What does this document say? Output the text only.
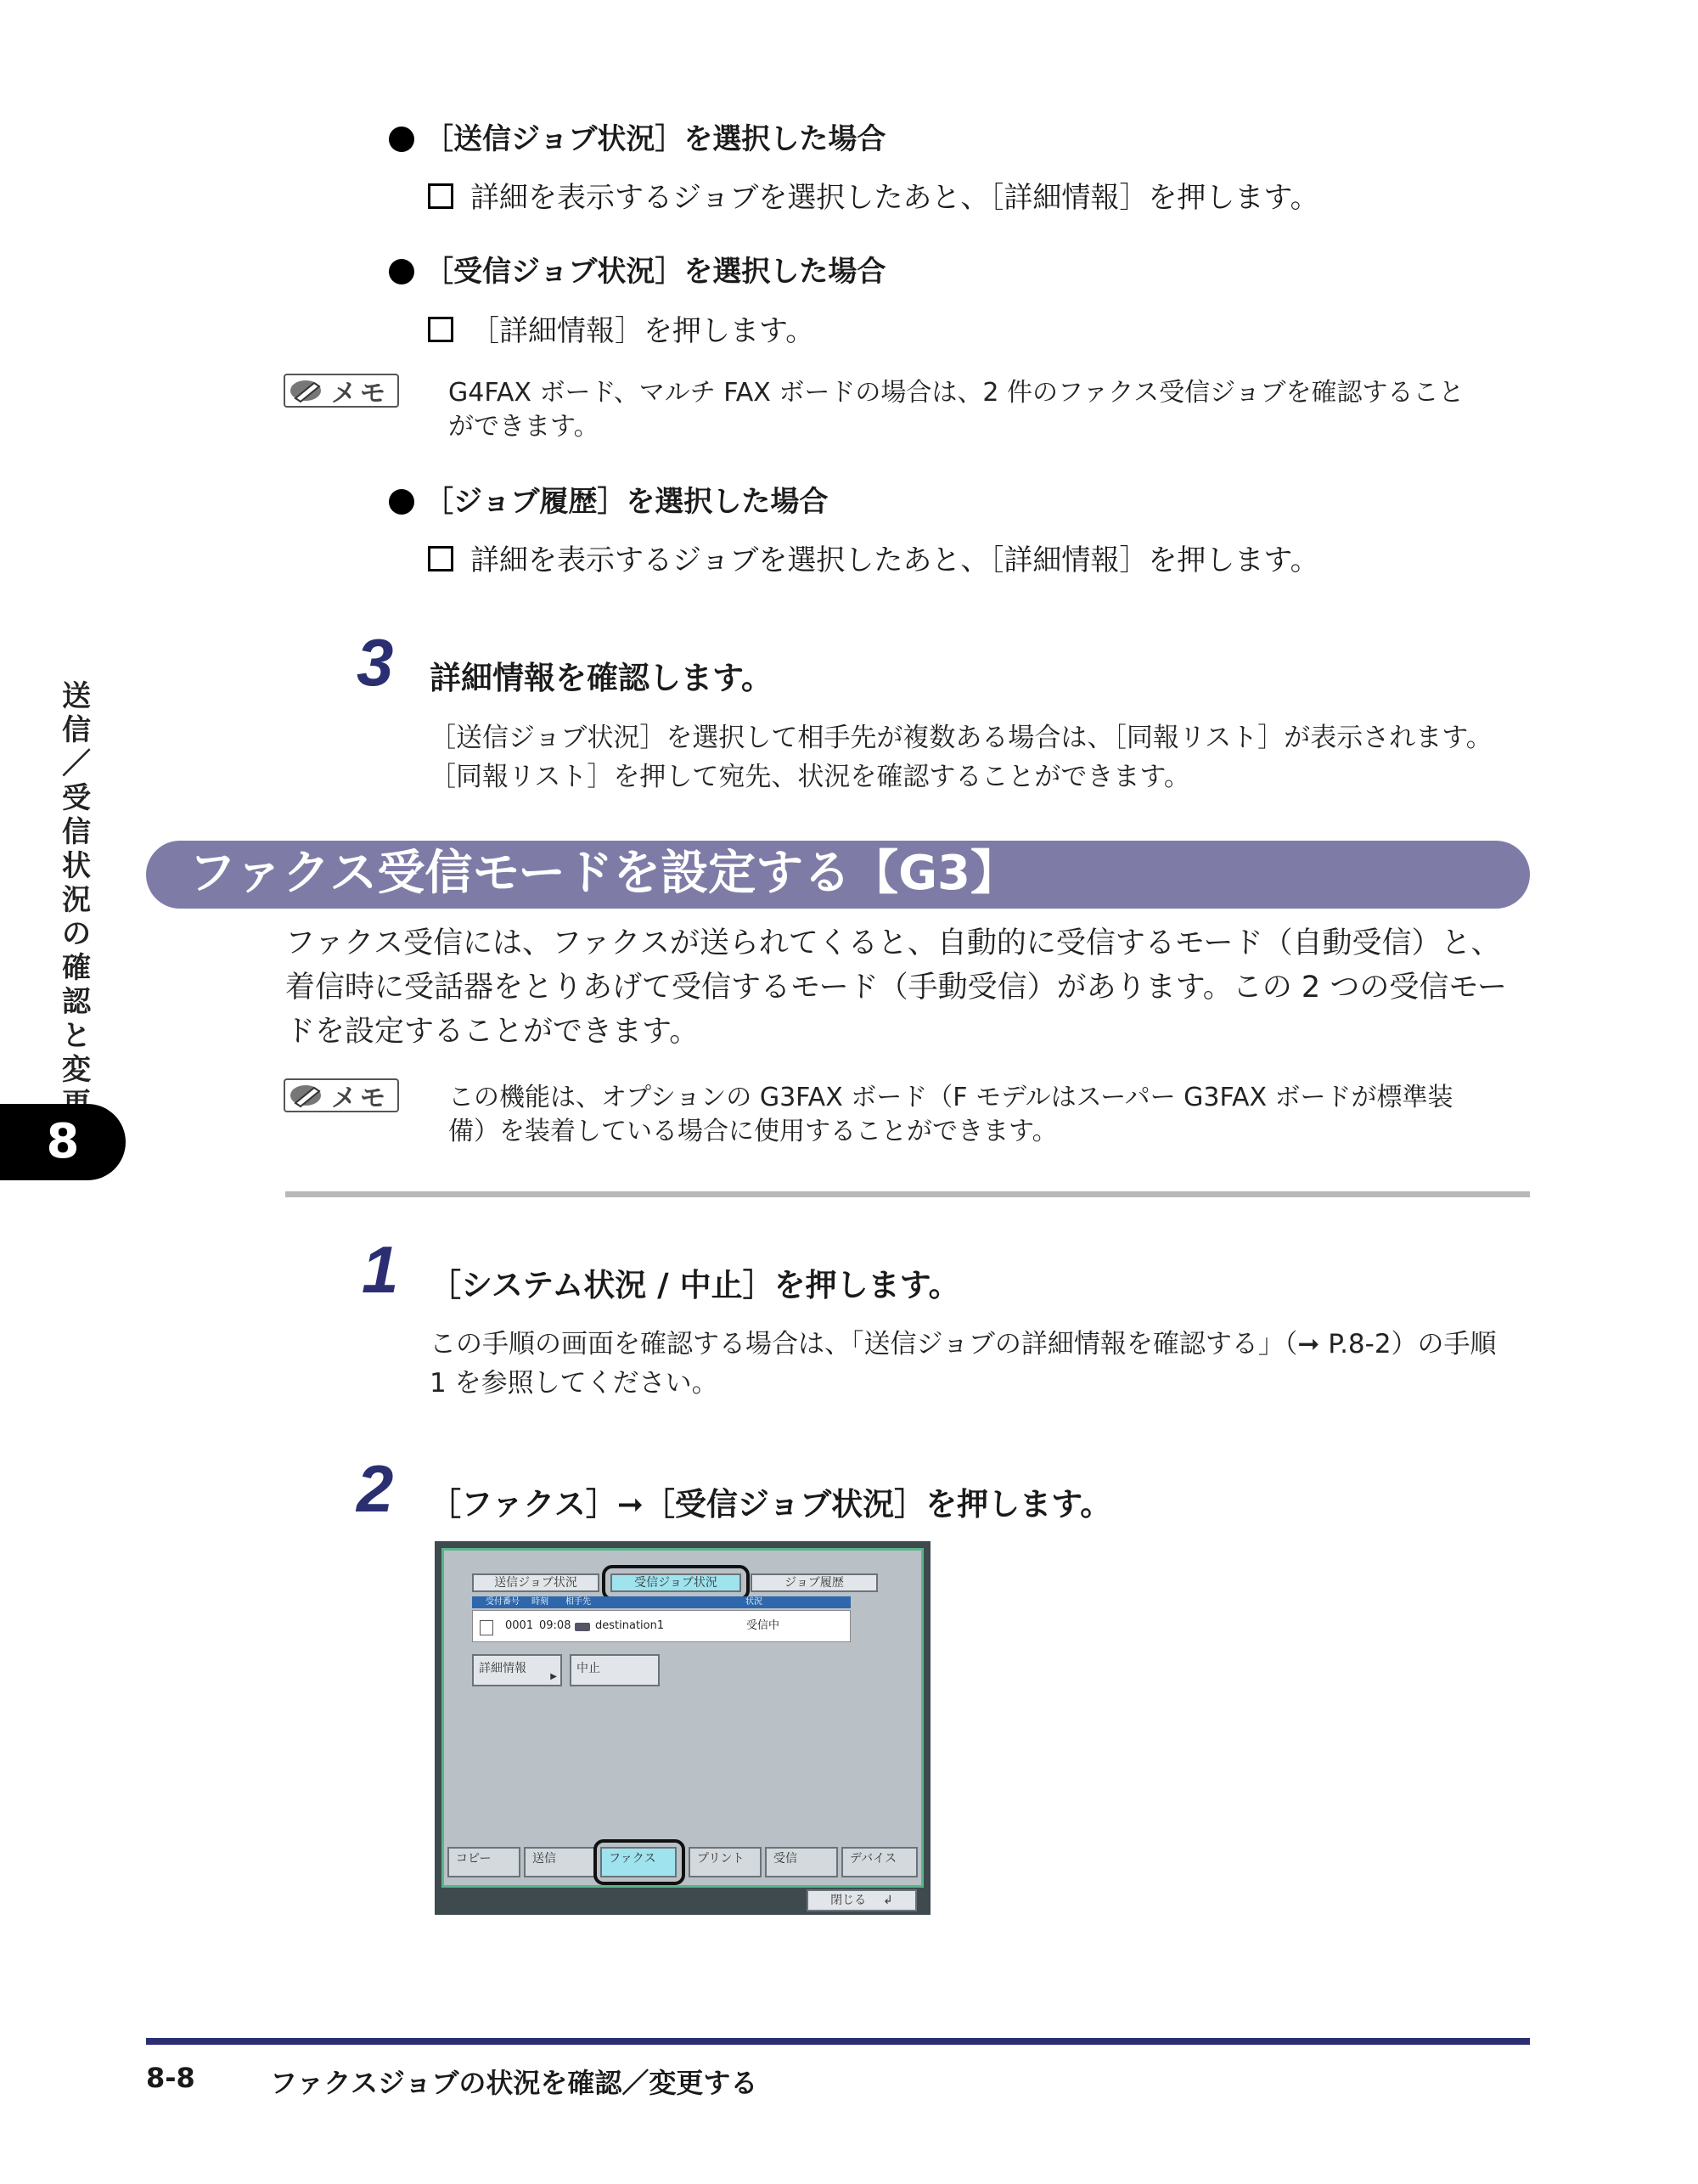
送
信
／
受
信
状
況
の
確
認
と
変
8
［送信ジョブ状況］を選択した場合
詳細を表示するジョブを選択したあと、［詳細情報］を押します。
［受信ジョブ状況］を選択した場合
［詳細情報］を押します。
メモ G4FAX ボード、マルチ FAX ボードの場合は、2 件のファクス受信ジョブを確認すること
ができます。
［ジョブ履歴］を選択した場合
詳細を表示するジョブを選択したあと、［詳細情報］を押します。
3 詳細情報を確認します。
［送信ジョブ状況］を選択して相手先が複数ある場合は、［同報リスト］が表示されます。
［同報リスト］を押して宛先、状況を確認することができます。
ファクス受信モードを設定する【G3】
ファクス受信には、ファクスが送られてくると、自動的に受信するモード（自動受信）と、
着信時に受話器をとりあげて受信するモード（手動受信）があります。この 2 つの受信モー
ドを設定することができます。
メモ この機能は、オプションの G3FAX ボード（F モデルはスーパー G3FAX ボードが標準装
備）を装着している場合に使用することができます。
1 ［システム状況 / 中止］を押します。
この手順の画面を確認する場合は、「送信ジョブの詳細情報を確認する」（➞ P.8-2）の手順
1 を参照してください。
2 ［ファクス］➞［受信ジョブ状況］を押します。
送信ジョブ状況	受信ジョブ状況	ジョブ履歴
受付番号 時刻 相手先	状況
0001 09:08 destination1	受信中
詳細情報
▶
中止
コピー	送信	ファクス	プリント	受信	デバイス
閉じる ↲
8-8	ファクスジョブの状況を確認／変更する
